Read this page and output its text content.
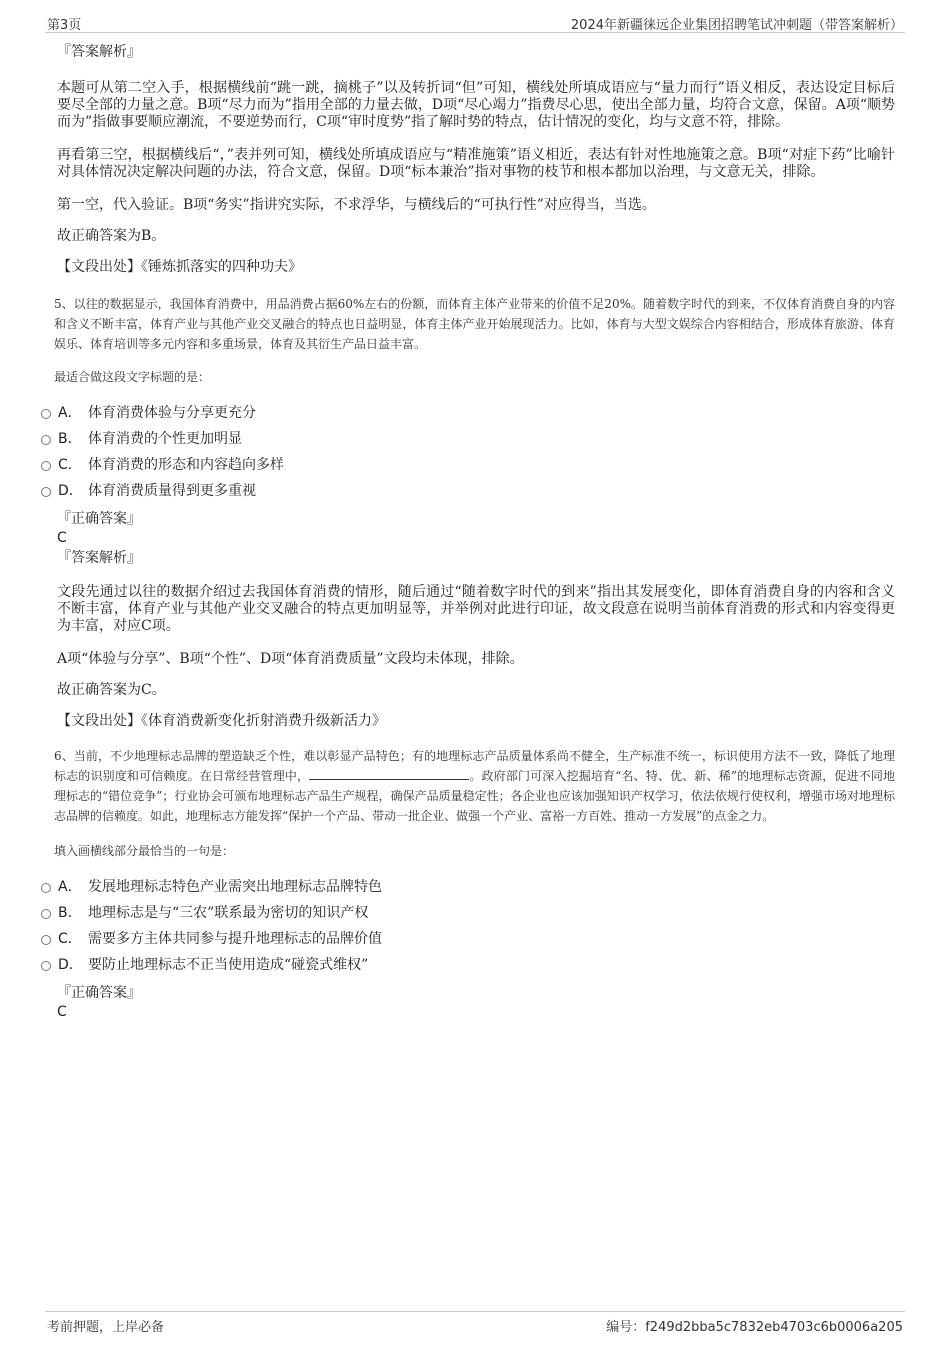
第3页	2024年新疆徕远企业集团招聘笔试冲刺题（带答案解析）

『答案解析』

本题可从第二空入手，根据横线前“跳一跳，摘桃子”以及转折词“但”可知，横线处所填成语应与“量力而行”语义相反，表达设定目标后要尽全部的力量之意。B项“尽力而为”指用全部的力量去做，D项“尽心竭力”指费尽心思，使出全部力量，均符合文意，保留。A项“顺势而为”指做事要顺应潮流，不要逆势而行，C项“审时度势”指了解时势的特点，估计情况的变化，均与文意不符，排除。

再看第三空，根据横线后“，”表并列可知，横线处所填成语应与“精准施策”语义相近，表达有针对性地施策之意。B项“对症下药”比喻针对具体情况决定解决问题的办法，符合文意，保留。D项“标本兼治”指对事物的枝节和根本都加以治理，与文意无关，排除。

第一空，代入验证。B项“务实”指讲究实际，不求浮华，与横线后的“可执行性”对应得当，当选。

故正确答案为B。

【文段出处】《锤炼抓落实的四种功夫》

5、以往的数据显示，我国体育消费中，用品消费占据60%左右的份额，而体育主体产业带来的价值不足20%。随着数字时代的到来，不仅体育消费自身的内容和含义不断丰富，体育产业与其他产业交叉融合的特点也日益明显，体育主体产业开始展现活力。比如，体育与大型文娱综合内容相结合，形成体育旅游、体育娱乐、体育培训等多元内容和多重场景，体育及其衍生产品日益丰富。

最适合做这段文字标题的是：

A． 体育消费体验与分享更充分
B． 体育消费的个性更加明显
C． 体育消费的形态和内容趋向多样
D． 体育消费质量得到更多重视

『正确答案』

C

『答案解析』

文段先通过以往的数据介绍过去我国体育消费的情形，随后通过“随着数字时代的到来”指出其发展变化，即体育消费自身的内容和含义不断丰富，体育产业与其他产业交叉融合的特点更加明显等，并举例对此进行印证，故文段意在说明当前体育消费的形式和内容变得更为丰富，对应C项。

A项“体验与分享”、B项“个性”、D项“体育消费质量”文段均未体现，排除。

故正确答案为C。

【文段出处】《体育消费新变化折射消费升级新活力》

6、当前，不少地理标志品牌的塑造缺乏个性，难以彰显产品特色；有的地理标志产品质量体系尚不健全，生产标准不统一，标识使用方法不一致，降低了地理标志的识别度和可信赖度。在日常经营管理中，	。政府部门可深入挖掘培育“名、特、优、新、稀”的地理标志资源，促进不同地理标志的“错位竞争”；行业协会可颁布地理标志产品生产规程，确保产品质量稳定性；各企业也应该加强知识产权学习，依法依规行使权利，增强市场对地理标志品牌的信赖度。如此，地理标志方能发挥“保护一个产品、带动一批企业、做强一个产业、富裕一方百姓、推动一方发展”的点金之力。

填入画横线部分最恰当的一句是：

A． 发展地理标志特色产业需突出地理标志品牌特色
B． 地理标志是与“三农”联系最为密切的知识产权
C． 需要多方主体共同参与提升地理标志的品牌价值
D． 要防止地理标志不正当使用造成“碰瓷式维权”

『正确答案』

C

考前押题，上岸必备	编号：f249d2bba5c7832eb4703c6b0006a205
